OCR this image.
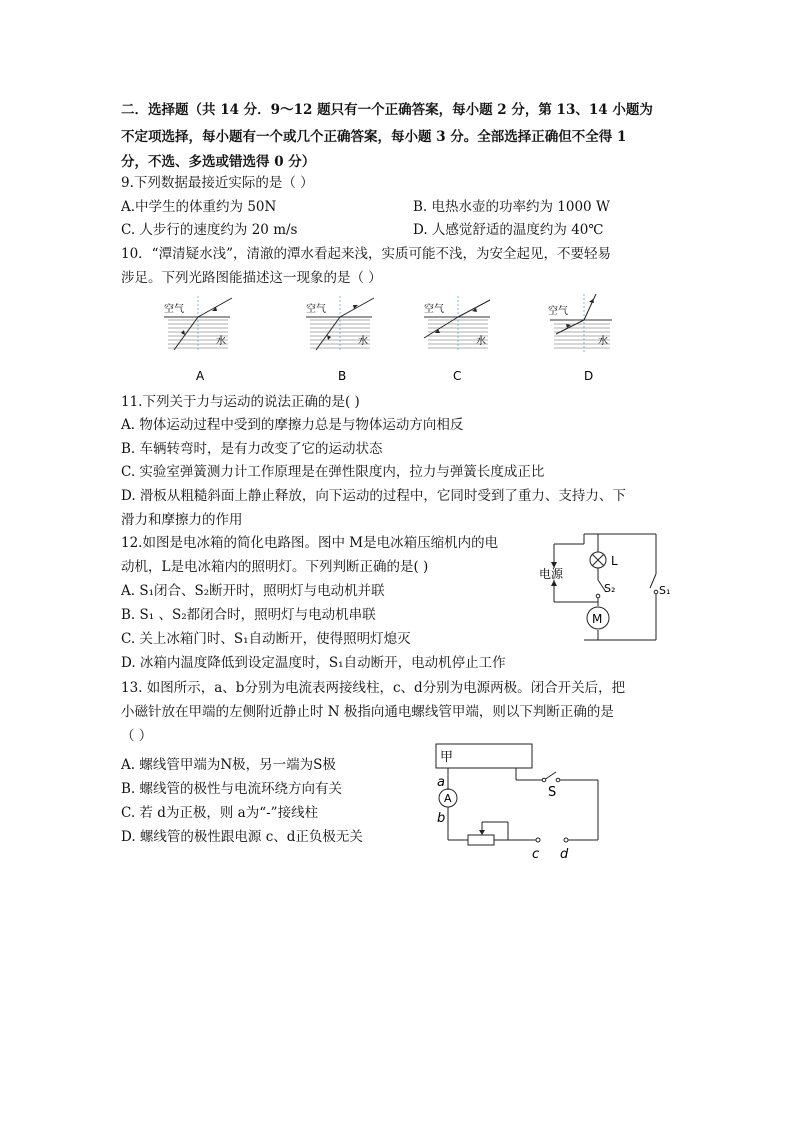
二．选择题（共 14 分．9～12 题只有一个正确答案，每小题 2 分，第 13、14 小题为
不定项选择，每小题有一个或几个正确答案，每小题 3 分。全部选择正确但不全得 1
分，不选、多选或错选得 0 分）
9.下列数据最接近实际的是（ ）
A.中学生的体重约为 50N	B. 电热水壶的功率约为 1000 W
C. 人步行的速度约为 20 m/s	D. 人感觉舒适的温度约为 40℃
10．“潭清疑水浅”，清澈的潭水看起来浅，实质可能不浅，为安全起见，不要轻易
涉足。下列光路图能描述这一现象的是（ ）
空气
水
A
空气
水
B
空气
水
C
空气
水
D
11.下列关于力与运动的说法正确的是( )
A. 物体运动过程中受到的摩擦力总是与物体运动方向相反
B. 车辆转弯时，是有力改变了它的运动状态
C. 实验室弹簧测力计工作原理是在弹性限度内，拉力与弹簧长度成正比
D. 滑板从粗糙斜面上静止释放，向下运动的过程中，它同时受到了重力、支持力、下
滑力和摩擦力的作用
12.如图是电冰箱的简化电路图。图中 M是电冰箱压缩机内的电
动机，L是电冰箱内的照明灯。下列判断正确的是( )
A. S₁闭合、S₂断开时，照明灯与电动机并联
B. S₁ 、S₂都闭合时，照明灯与电动机串联
C. 关上冰箱门时、S₁自动断开，使得照明灯熄灭
D. 冰箱内温度降低到设定温度时，S₁自动断开，电动机停止工作
电源
L
M
S₂	S₁
13. 如图所示，a、b分别为电流表两接线柱，c、d分别为电源两极。闭合开关后，把
小磁针放在甲端的左侧附近静止时 N 极指向通电螺线管甲端，则以下判断正确的是
（ ）
A. 螺线管甲端为N极，另一端为S极
B. 螺线管的极性与电流环绕方向有关
C. 若 d为正极，则 a为“-”接线柱
D. 螺线管的极性跟电源 c、d正负极无关
甲
a
A
b
S
c d
